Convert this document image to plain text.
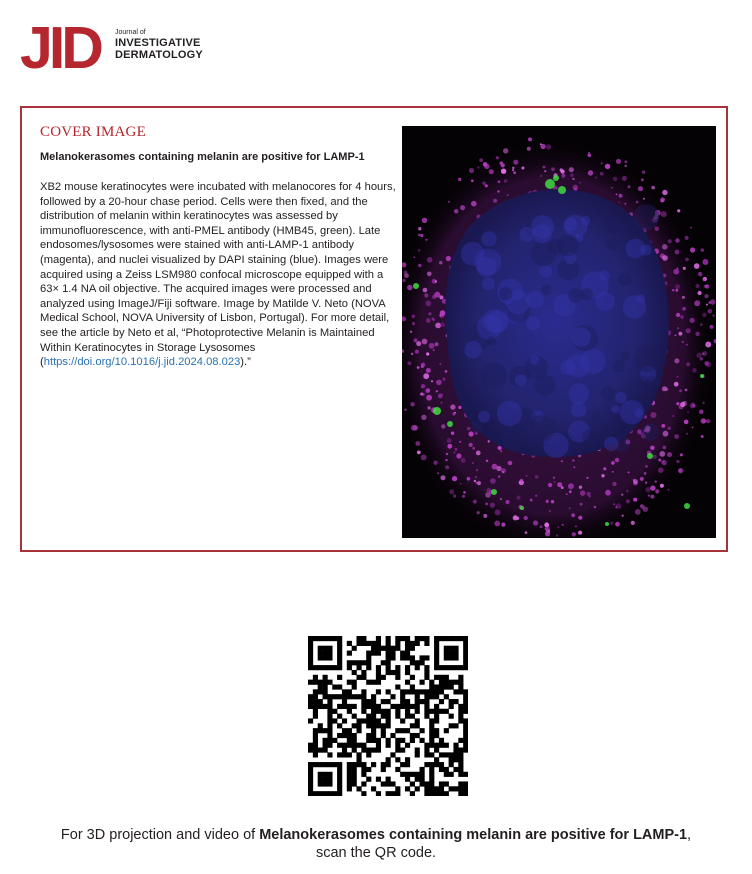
JID Journal of
INVESTIGATIVE
DERMATOLOGY
COVER IMAGE
Melanokerasomes containing melanin are positive for LAMP-1
XB2 mouse keratinocytes were incubated with melanocores for 4 hours, followed by a 20-hour chase period. Cells were then fixed, and the distribution of melanin within keratinocytes was assessed by immunofluorescence, with anti-PMEL antibody (HMB45, green). Late endosomes/lysosomes were stained with anti-LAMP-1 antibody (magenta), and nuclei visualized by DAPI staining (blue). Images were acquired using a Zeiss LSM980 confocal microscope equipped with a 63× 1.4 NA oil objective. The acquired images were processed and analyzed using ImageJ/Fiji software. Image by Matilde V. Neto (NOVA Medical School, NOVA University of Lisbon, Portugal). For more detail, see the article by Neto et al, “Photoprotective Melanin is Maintained Within Keratinocytes in Storage Lysosomes (https://doi.org/10.1016/j.jid.2024.08.023).”
For 3D projection and video of Melanokerasomes containing melanin are positive for LAMP-1,
scan the QR code.
